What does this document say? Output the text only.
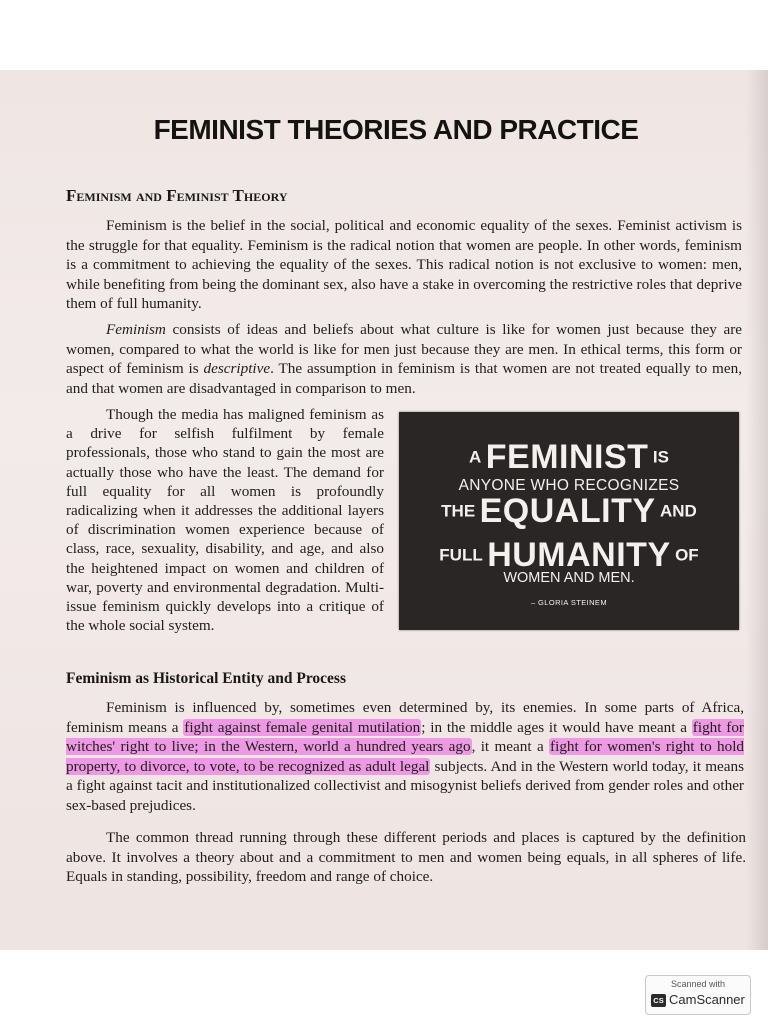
FEMINIST THEORIES AND PRACTICE
Feminism and Feminist Theory

Feminism is the belief in the social, political and economic equality of the sexes. Feminist activism is the struggle for that equality. Feminism is the radical notion that women are people. In other words, feminism is a commitment to achieving the equality of the sexes. This radical notion is not exclusive to women: men, while benefiting from being the dominant sex, also have a stake in overcoming the restrictive roles that deprive them of full humanity.

Feminism consists of ideas and beliefs about what culture is like for women just because they are women, compared to what the world is like for men just because they are men. In ethical terms, this form or aspect of feminism is descriptive. The assumption in feminism is that women are not treated equally to men, and that women are disadvantaged in comparison to men.

Though the media has maligned feminism as a drive for selfish fulfilment by female professionals, those who stand to gain the most are actually those who have the least. The demand for full equality for all women is profoundly radicalizing when it addresses the additional layers of discrimination women experience because of class, race, sexuality, disability, and age, and also the heightened impact on women and children of war, poverty and environmental degradation. Multi-issue feminism quickly develops into a critique of the whole social system.

A FEMINIST IS
ANYONE WHO RECOGNIZES
THE EQUALITY AND
FULL HUMANITY OF
WOMEN AND MEN.
– GLORIA STEINEM
Feminism as Historical Entity and Process

Feminism is influenced by, sometimes even determined by, its enemies. In some parts of Africa, feminism means a fight against female genital mutilation; in the middle ages it would have meant a fight for witches' right to live; in the Western, world a hundred years ago, it meant a fight for women's right to hold property, to divorce, to vote, to be recognized as adult legal subjects. And in the Western world today, it means a fight against tacit and institutionalized collectivist and misogynist beliefs derived from gender roles and other sex-based prejudices.

The common thread running through these different periods and places is captured by the definition above. It involves a theory about and a commitment to men and women being equals, in all spheres of life. Equals in standing, possibility, freedom and range of choice.

Scanned with
CS CamScanner
